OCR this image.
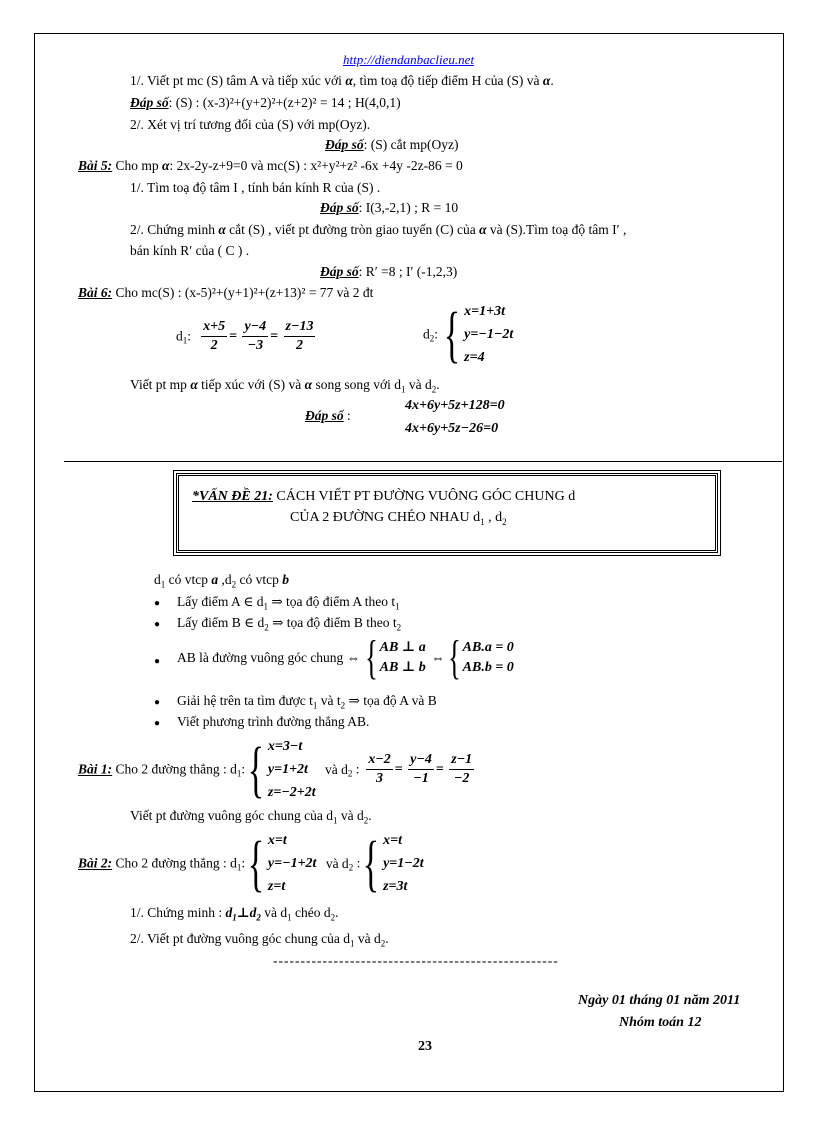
http://diendanbaclieu.net
1/. Viết pt mc (S) tâm A và tiếp xúc với α, tìm toạ độ tiếp điểm H của (S) và α.
Đáp số: (S) : (x-3)²+(y+2)²+(z+2)² = 14 ; H(4,0,1)
2/. Xét vị trí tương đối của (S) với mp(Oyz).
Đáp số: (S) cắt mp(Oyz)
Bài 5: Cho mp α: 2x-2y-z+9=0 và mc(S) : x²+y²+z² -6x +4y -2z-86 = 0
1/. Tìm toạ độ tâm I , tính bán kính R của (S) .
Đáp số: I(3,-2,1) ; R = 10
2/. Chứng minh α cắt (S) , viết pt đường tròn giao tuyến (C) của α và (S).Tìm toạ độ tâm I′ ,
bán kính R′ của ( C ) .
Đáp số: R′ =8 ; I′ (-1,2,3)
Bài 6: Cho mc(S) : (x-5)²+(y+1)²+(z+13)² = 77 và 2 đt
$d_1$: $\frac{x+5}{2} = \frac{y-4}{-3} = \frac{z-13}{2}$	$d_2$: { x=1+3t
y=−1−2t
z=4
Viết pt mp α tiếp xúc với (S) và α song song với $d_1$ và $d_2$.
Đáp số :
4x+6y+5z+128=0
4x+6y+5z−26=0
*VẤN ĐỀ 21: CÁCH VIẾT PT ĐƯỜNG VUÔNG GÓC CHUNG d
CỦA 2 ĐƯỜNG CHÉO NHAU $d_1$ , $d_2$
$d_1$ có vtcp a $,d_2$ có vtcp b
● Lấy điểm A ∈ $d_1$ ⇒ tọa độ điểm A theo $t_1$
● Lấy điểm B ∈ $d_2$ ⇒ tọa độ điểm B theo $t_2$
● AB là đường vuông góc chung ⇔ { AB ⊥ a
AB ⊥ b
⇔{ AB.a = 0
AB.b = 0
● Giải hệ trên ta tìm được $t_1$ và $t_2$ ⇒ tọa độ A và B
● Viết phương trình đường thẳng AB.
Bài 1: Cho 2 đường thẳng : $d_1$:{ x=3−t
y=1+2t
z=−2+2t
và $d_2$ : $\frac{x-2}{3} = \frac{y-4}{-1} = \frac{z-1}{-2}$
Viết pt đường vuông góc chung của $d_1$ và $d_2$.
Bài 2: Cho 2 đường thẳng : $d_1$:{ x=t
y=−1+2t
z=t
và $d_2$ :{ x=t
y=1−2t
z=3t
1/. Chứng minh : $d_1\perp d_2$ và $d_1$ chéo $d_2$.
2/. Viết pt đường vuông góc chung của $d_1$ và $d_2$.
----------------------------------------------------
Ngày 01 tháng 01 năm 2011
Nhóm toán 12
23
